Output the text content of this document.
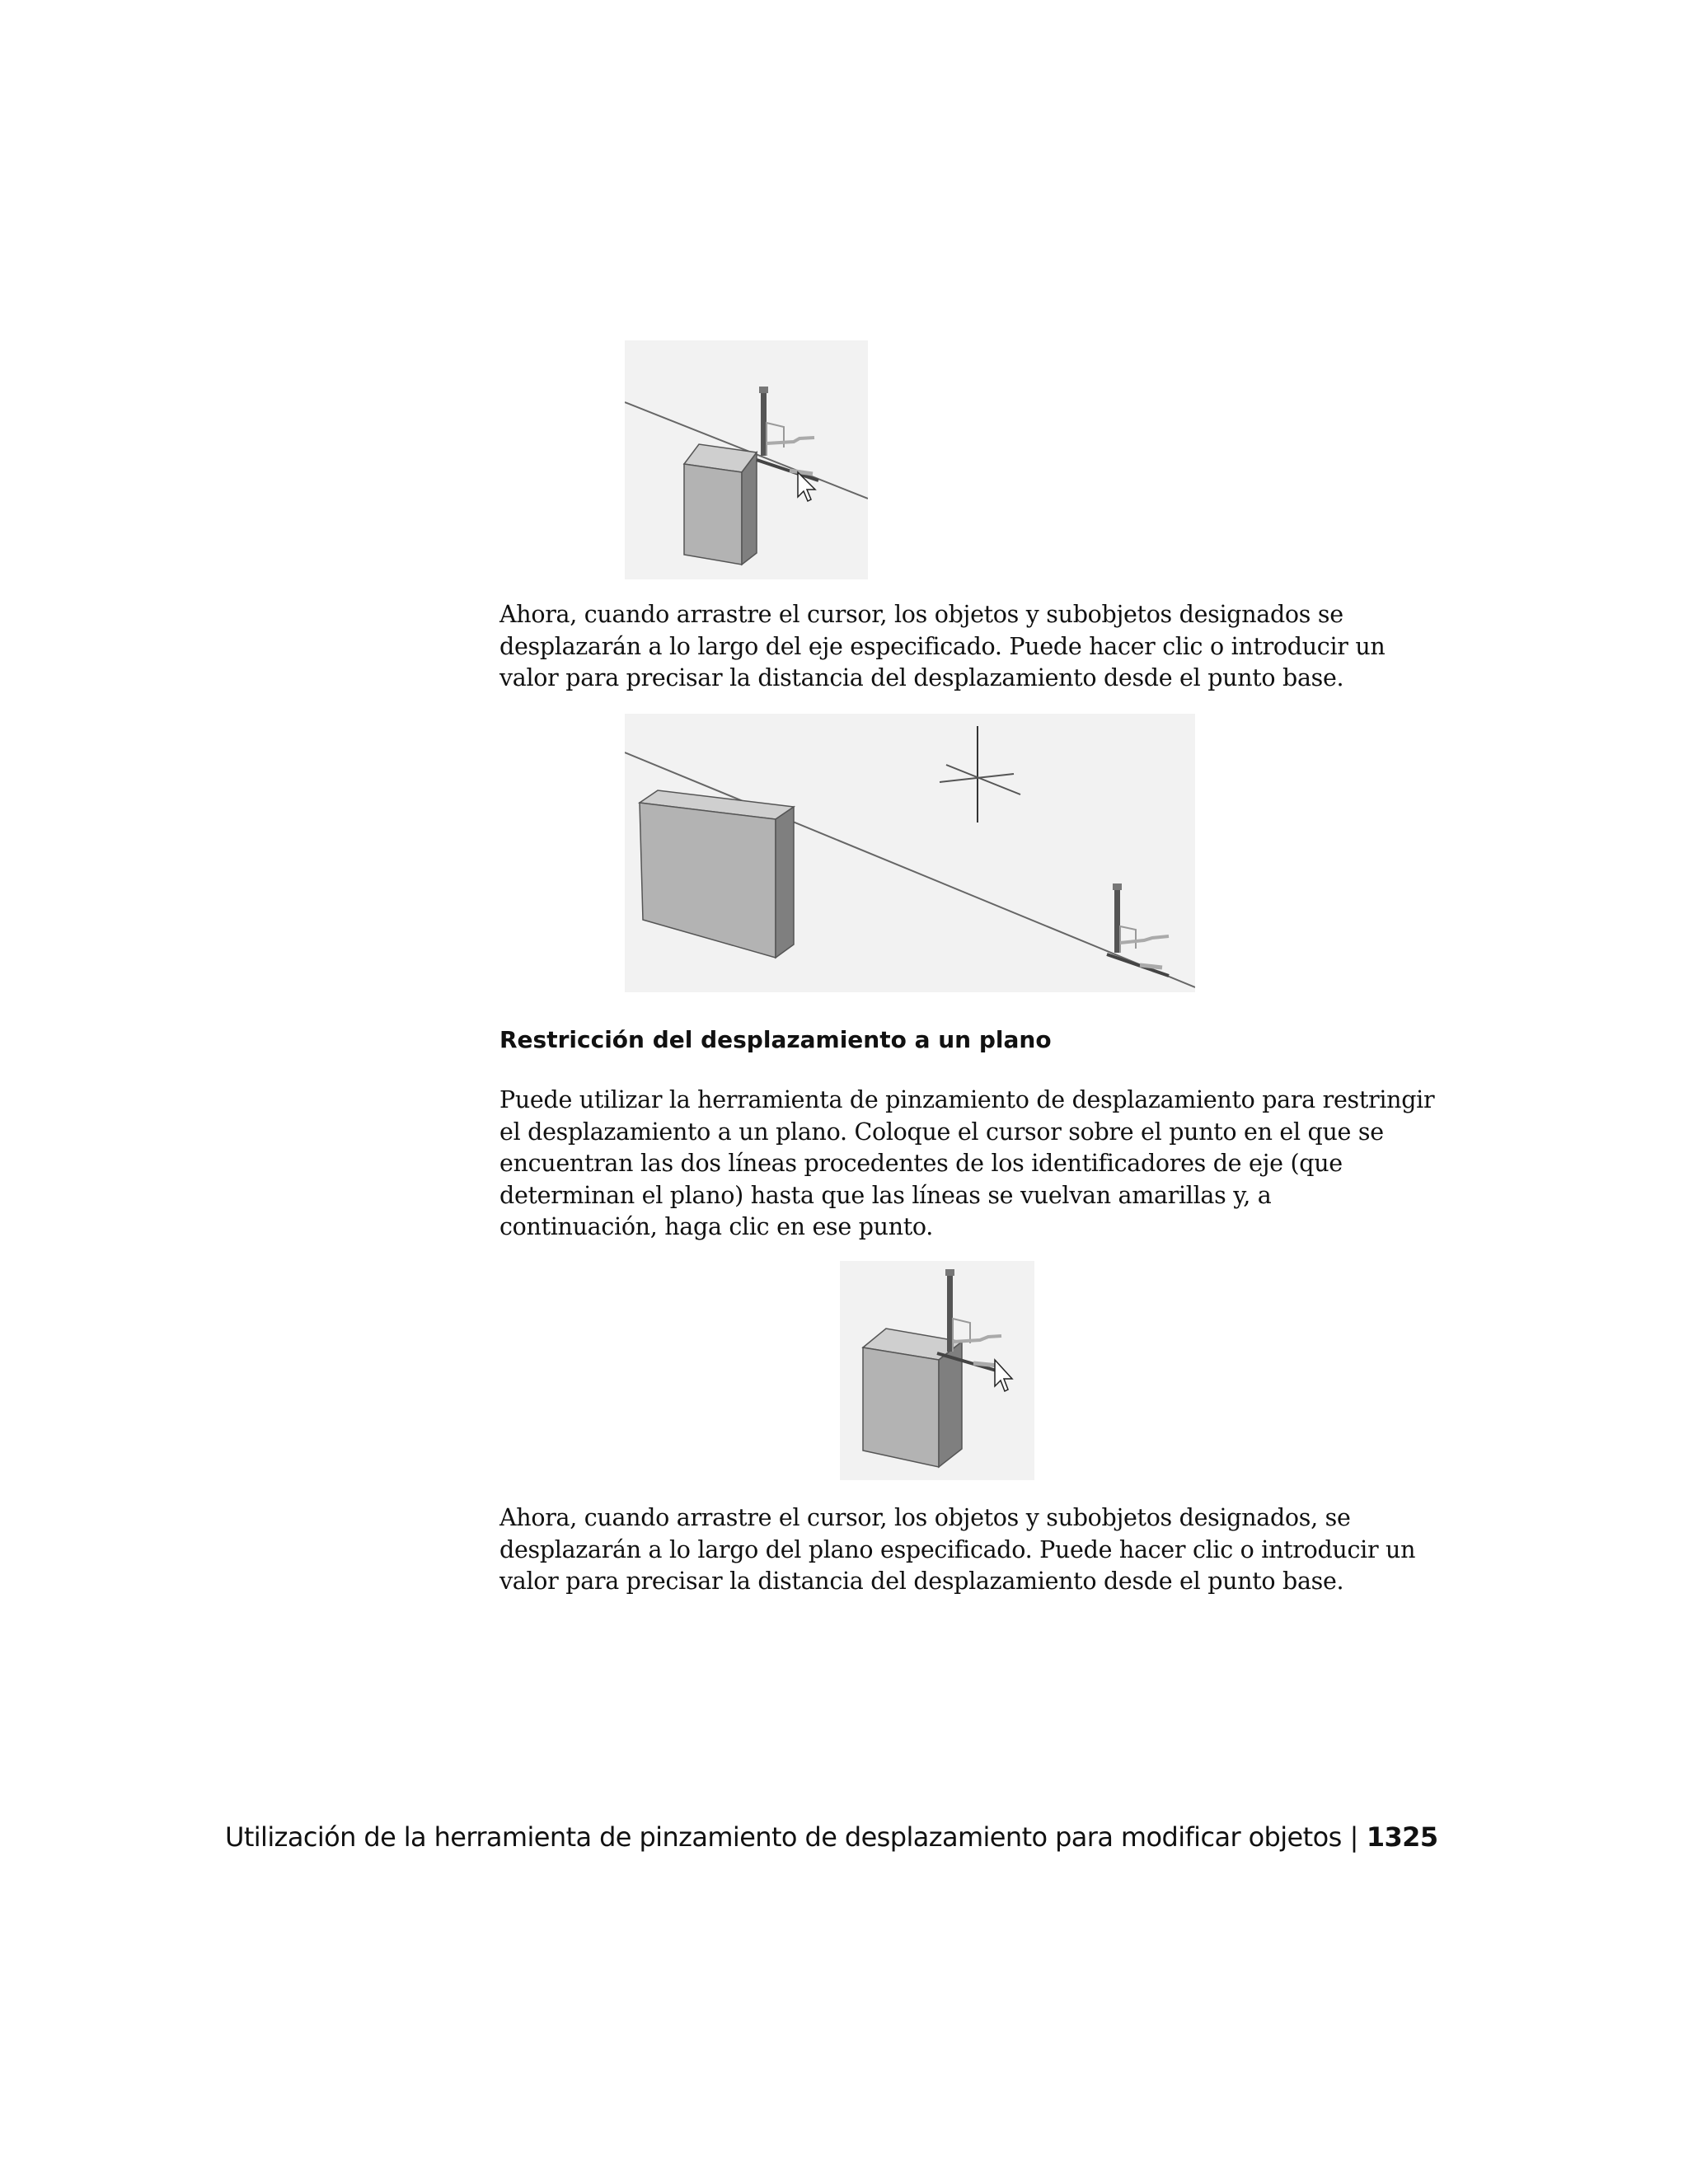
Ahora, cuando arrastre el cursor, los objetos y subobjetos designados se
desplazarán a lo largo del eje especificado. Puede hacer clic o introducir un
valor para precisar la distancia del desplazamiento desde el punto base.

Restricción del desplazamiento a un plano

Puede utilizar la herramienta de pinzamiento de desplazamiento para restringir
el desplazamiento a un plano. Coloque el cursor sobre el punto en el que se
encuentran las dos líneas procedentes de los identificadores de eje (que
determinan el plano) hasta que las líneas se vuelvan amarillas y, a
continuación, haga clic en ese punto.

Ahora, cuando arrastre el cursor, los objetos y subobjetos designados, se
desplazarán a lo largo del plano especificado. Puede hacer clic o introducir un
valor para precisar la distancia del desplazamiento desde el punto base.

Utilización de la herramienta de pinzamiento de desplazamiento para modificar objetos | 1325
